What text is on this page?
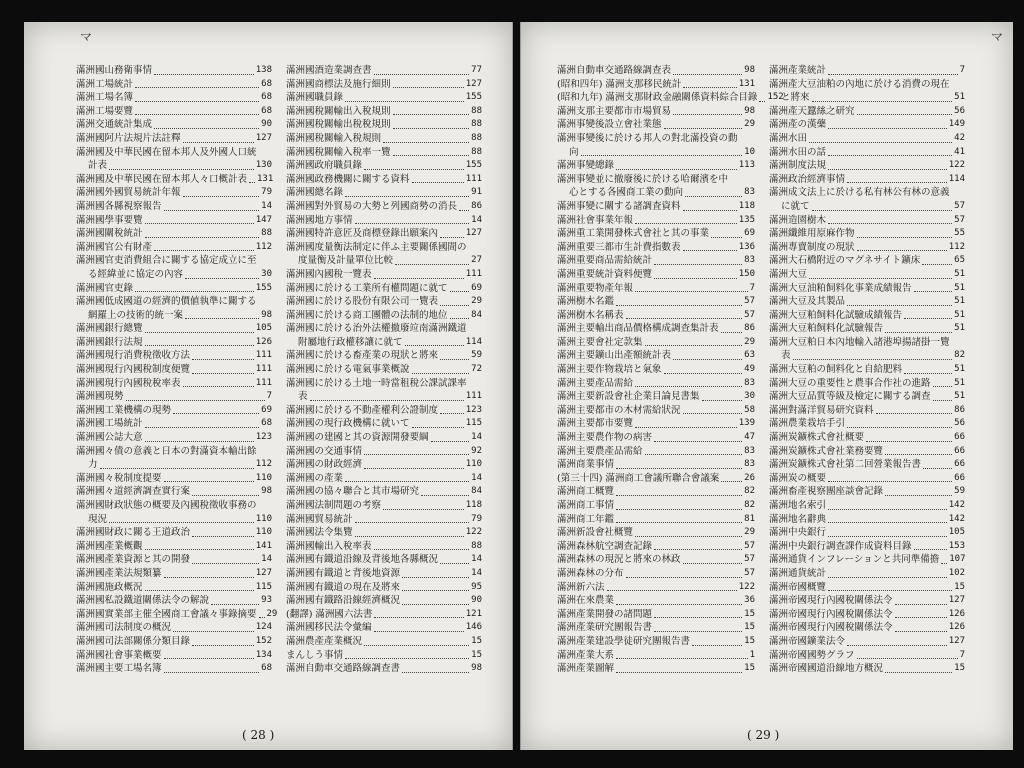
マ
滿洲國山務衛事情	138
滿洲工場統計	68
滿洲工場名簿	68
滿洲工場要覽	68
滿洲交通統計集成	90
滿洲國阿片法規片法註釋	127
滿洲國及中華民國在留本邦人及外國人口統
計表	130
滿洲國及中華民國在留本邦人々口概計表 131
滿洲國外國貿易統計年報	79
滿洲國各縣視察報告	14
滿洲國學事要覽	147
滿洲國關稅統計	88
滿洲國官公有財產	112
滿洲國官吏消費組合に關する協定成立に至
る經緯並に協定の內容	30
滿洲國官吏錄	155
滿洲國低成國道の經濟的價値執準に關する
網羅上の技術的統一案	98
滿洲國銀行總覽	105
滿洲國銀行法規	126
滿洲國現行消費稅徵收方法	111
滿洲國現行內國稅制度便覽	111
滿洲國現行內國稅稅率表	111
滿洲國現勢	7
滿洲國工業機構の現勢	69
滿洲國工場統計	68
滿洲國公誌大意	123
滿洲國々債の意義と日本の對滿資本輸出餘
力	112
滿洲國々稅制度提要	110
滿洲國々道經濟調查實行案	98
滿洲國財政狀態の概要及內國稅徵收事務の
現況	110
滿洲國財政に關る王道政治	110
滿洲國產業概觀	141
滿洲國產業資源と其の開發	14
滿洲國產業法規類纂	127
滿洲國施政概況	115
滿洲國私設鐵道關係法令の解說	93
滿洲國實業部主催全國商工會議々事錄摘要 29
滿洲國司法制度の概況	124
滿洲國司法部關係分類目錄	152
滿洲國社會事業概要	134
滿洲國主要工場名簿	68
滿洲國酒造業調查書	77
滿洲國商標法及施行細則	127
滿洲國職員錄	155
滿洲國稅關輸出入稅規則	88
滿洲國稅關輸出稅稅規則	88
滿洲國稅關輸入稅規則	88
滿洲國稅關輸入稅率一覽	88
滿洲國政府職員錄	155
滿洲國政務機關に關する資料	111
滿洲國總名錄	91
滿洲國對外貿易の大勢と列國商勢の消長 86
滿洲國地方事情	14
滿洲國特許意匠及商標登錄出願案內	127
滿洲國度量衡法制定に伴ふ主要關係國間の
度量衡及計量單位比較	27
滿洲國內國稅一覽表	111
滿洲國に於ける工業所有權問題に就て	69
滿洲國に於ける股份有限公司一覽表	29
滿洲國に於ける商工團體の法制的地位	84
滿洲國に於ける治外法權撤廢竝南滿洲鐵道
附屬地行政權移讓に就て	114
滿洲國に於ける畜產業の現狀と將來	59
滿洲國に於ける電氣事業概說	72
滿洲國に於ける土地一時當租稅公課試課率
表	111
滿洲國に於ける不動產權利公證制度	123
滿洲國の現行政機構に就いて	115
滿洲國の建國と其の資源開發要綱	14
滿洲國の交通事情	92
滿洲國の財政經濟	110
滿洲國の產業	14
滿洲國の協々聯合と其市場研究	84
滿洲國法制問題の考察	118
滿洲國貿易統計	79
滿洲國法令集覽	122
滿洲國輸出入稅率表	88
滿洲國有鐵道沿線及背後地各縣概況	14
滿洲國有鐵道と背後地資源	14
滿洲國有鐵道の現在及將來	95
滿洲國有鐵路沿線經濟概況	90
(翻譯) 滿洲國六法書	121
滿洲國移民法令彙編	146
滿洲農產產業概況	15
まんしう事情	15
滿洲自動車交通路線調查書	98
( 28 )
マ
滿洲自動車交通路線調查表	98
(昭和四年) 滿洲支那移民統計	131
(昭和九年) 滿洲支那財政金融關係資料綜合目錄 152
滿洲支那主要都市市場貿易	98
滿洲事變後設立會社業態	29
滿洲事變後に於ける邦人の對北滿投資の動
向	10
滿洲事變總錄	113
滿洲事變並に撤廢後に於ける哈爾濱を中
心とする各國商工業の動向	83
滿洲事變に關する諸調査資料	118
滿洲社會事業年報	135
滿洲重工業開發株式會社と其の事業	69
滿洲重要三都市生計費指數表	136
滿洲重要商品需給統計	83
滿洲重要統計資料便覽	150
滿洲重要物產年報	7
滿洲樹木名鑑	57
滿洲樹木名稱表	57
滿洲主要輸出商品價格構成調查集計表	86
滿洲主要會社定款集	29
滿洲主要鑛山出產額統計表	63
滿洲主要作物栽培と氣象	49
滿洲主要產品需給	83
滿洲主要新設會社企業目論見書集	30
滿洲主要都市の木材需給狀況	58
滿洲主要都市要覽	139
滿洲主要農作物の病害	47
滿洲主要農產品需給	83
滿洲商業事情	83
(第三十四) 滿洲商工會議所聯合會議案	26
滿洲商工概覽	82
滿洲商工事情	82
滿洲商工年鑑	81
滿洲新設會社概覽	29
滿洲森林航空調查記錄	57
滿洲森林の現況と將來の林政	57
滿洲森林の分布	57
滿洲新六法	122
滿洲在來農業	36
滿洲產業開發の諸問題	15
滿洲產業研究團報告書	15
滿洲產業建設學徒研究團報告書	15
滿洲產業大系	1
滿洲產業圖解	15
滿洲產業統計	7
滿洲產大豆油粕の內地に於ける消費の現在
と將來	51
滿洲產天蠶絲之研究	56
滿洲產の漢藥	149
滿洲水田	42
滿洲水田の話	41
滿洲制度法規	122
滿洲政治經濟事情	114
滿洲成文法上に於ける私有林公有林の意義
に就て	57
滿洲造園樹木	57
滿洲纖維用原麻作物	55
滿洲專賣制度の現狀	112
滿洲大石橋附近のマグネサイト鑛床	65
滿洲大豆	51
滿洲大豆油粕飼料化事業成績報告	51
滿洲大豆及其製品	51
滿洲大豆粕飼料化試驗成績報告	51
滿洲大豆粕飼料化試驗報告	51
滿洲大豆粕日本內地輸入諸港埠揚諸掛一覽
表	82
滿洲大豆粕の飼料化と自給肥料	51
滿洲大豆の重要性と農事合作社の進路	51
滿洲大豆品質等級及檢定に關する調查	51
滿洲對滿洋貿易研究資料	86
滿洲農業栽培手引	56
滿洲炭鑛株式會社概要	66
滿洲炭鑛株式會社業務要覽	66
滿洲炭鑛株式會社第二回營業報告書	66
滿洲炭の概要	66
滿洲畜產視察團座談會記錄	59
滿洲地名索引	142
滿洲地名辭典	142
滿洲中央銀行	105
滿洲中央銀行調查課作成資料目錄	153
滿洲通貨インフレーションと共同準備擔 107
滿洲通貨統計	102
滿洲帝國概覽	15
滿洲帝國現行內國稅關係法令	127
滿洲帝國現行內國稅關係法令	126
滿洲帝國現行內國稅關係法令	126
滿洲帝國鑛業法令	127
滿洲帝國國勢グラフ	7
滿洲帝國國道沿線地方概況	15
( 29 )
